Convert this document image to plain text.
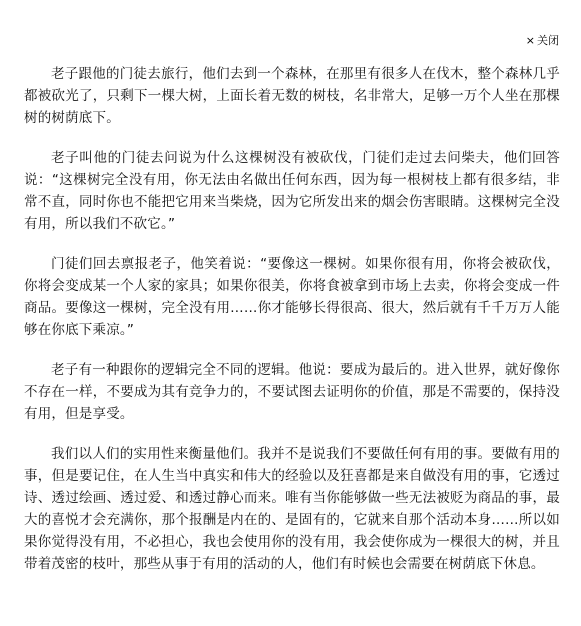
× 关闭

老子跟他的门徒去旅行，他们去到一个森林，在那里有很多人在伐木，整个森林几乎都被砍光了，只剩下一棵大树，上面长着无数的树枝，名非常大，足够一万个人坐在那棵树的树荫底下。

老子叫他的门徒去问说为什么这棵树没有被砍伐，门徒们走过去问柴夫，他们回答说：“这棵树完全没有用，你无法由名做出任何东西，因为每一根树枝上都有很多结，非常不直，同时你也不能把它用来当柴烧，因为它所发出来的烟会伤害眼睛。这棵树完全没有用，所以我们不砍它。”

门徒们回去禀报老子，他笑着说：“要像这一棵树。如果你很有用，你将会被砍伐，你将会变成某一个人家的家具；如果你很美，你将食被拿到市场上去卖，你将会变成一件商品。要像这一棵树，完全没有用……你才能够长得很高、很大，然后就有千千万万人能够在你底下乘凉。”

老子有一种跟你的逻辑完全不同的逻辑。他说：要成为最后的。进入世界，就好像你不存在一样，不要成为其有竞争力的，不要试图去证明你的价值，那是不需要的，保持没有用，但是享受。

我们以人们的实用性来衡量他们。我并不是说我们不要做任何有用的事。要做有用的事，但是要记住，在人生当中真实和伟大的经验以及狂喜都是来自做没有用的事，它透过诗、透过绘画、透过爱、和透过静心而来。唯有当你能够做一些无法被贬为商品的事，最大的喜悦才会充满你，那个报酬是内在的、是固有的，它就来自那个活动本身……所以如果你觉得没有用，不必担心，我也会使用你的没有用，我会使你成为一棵很大的树，并且带着茂密的枝叶，那些从事于有用的活动的人，他们有时候也会需要在树荫底下休息。
